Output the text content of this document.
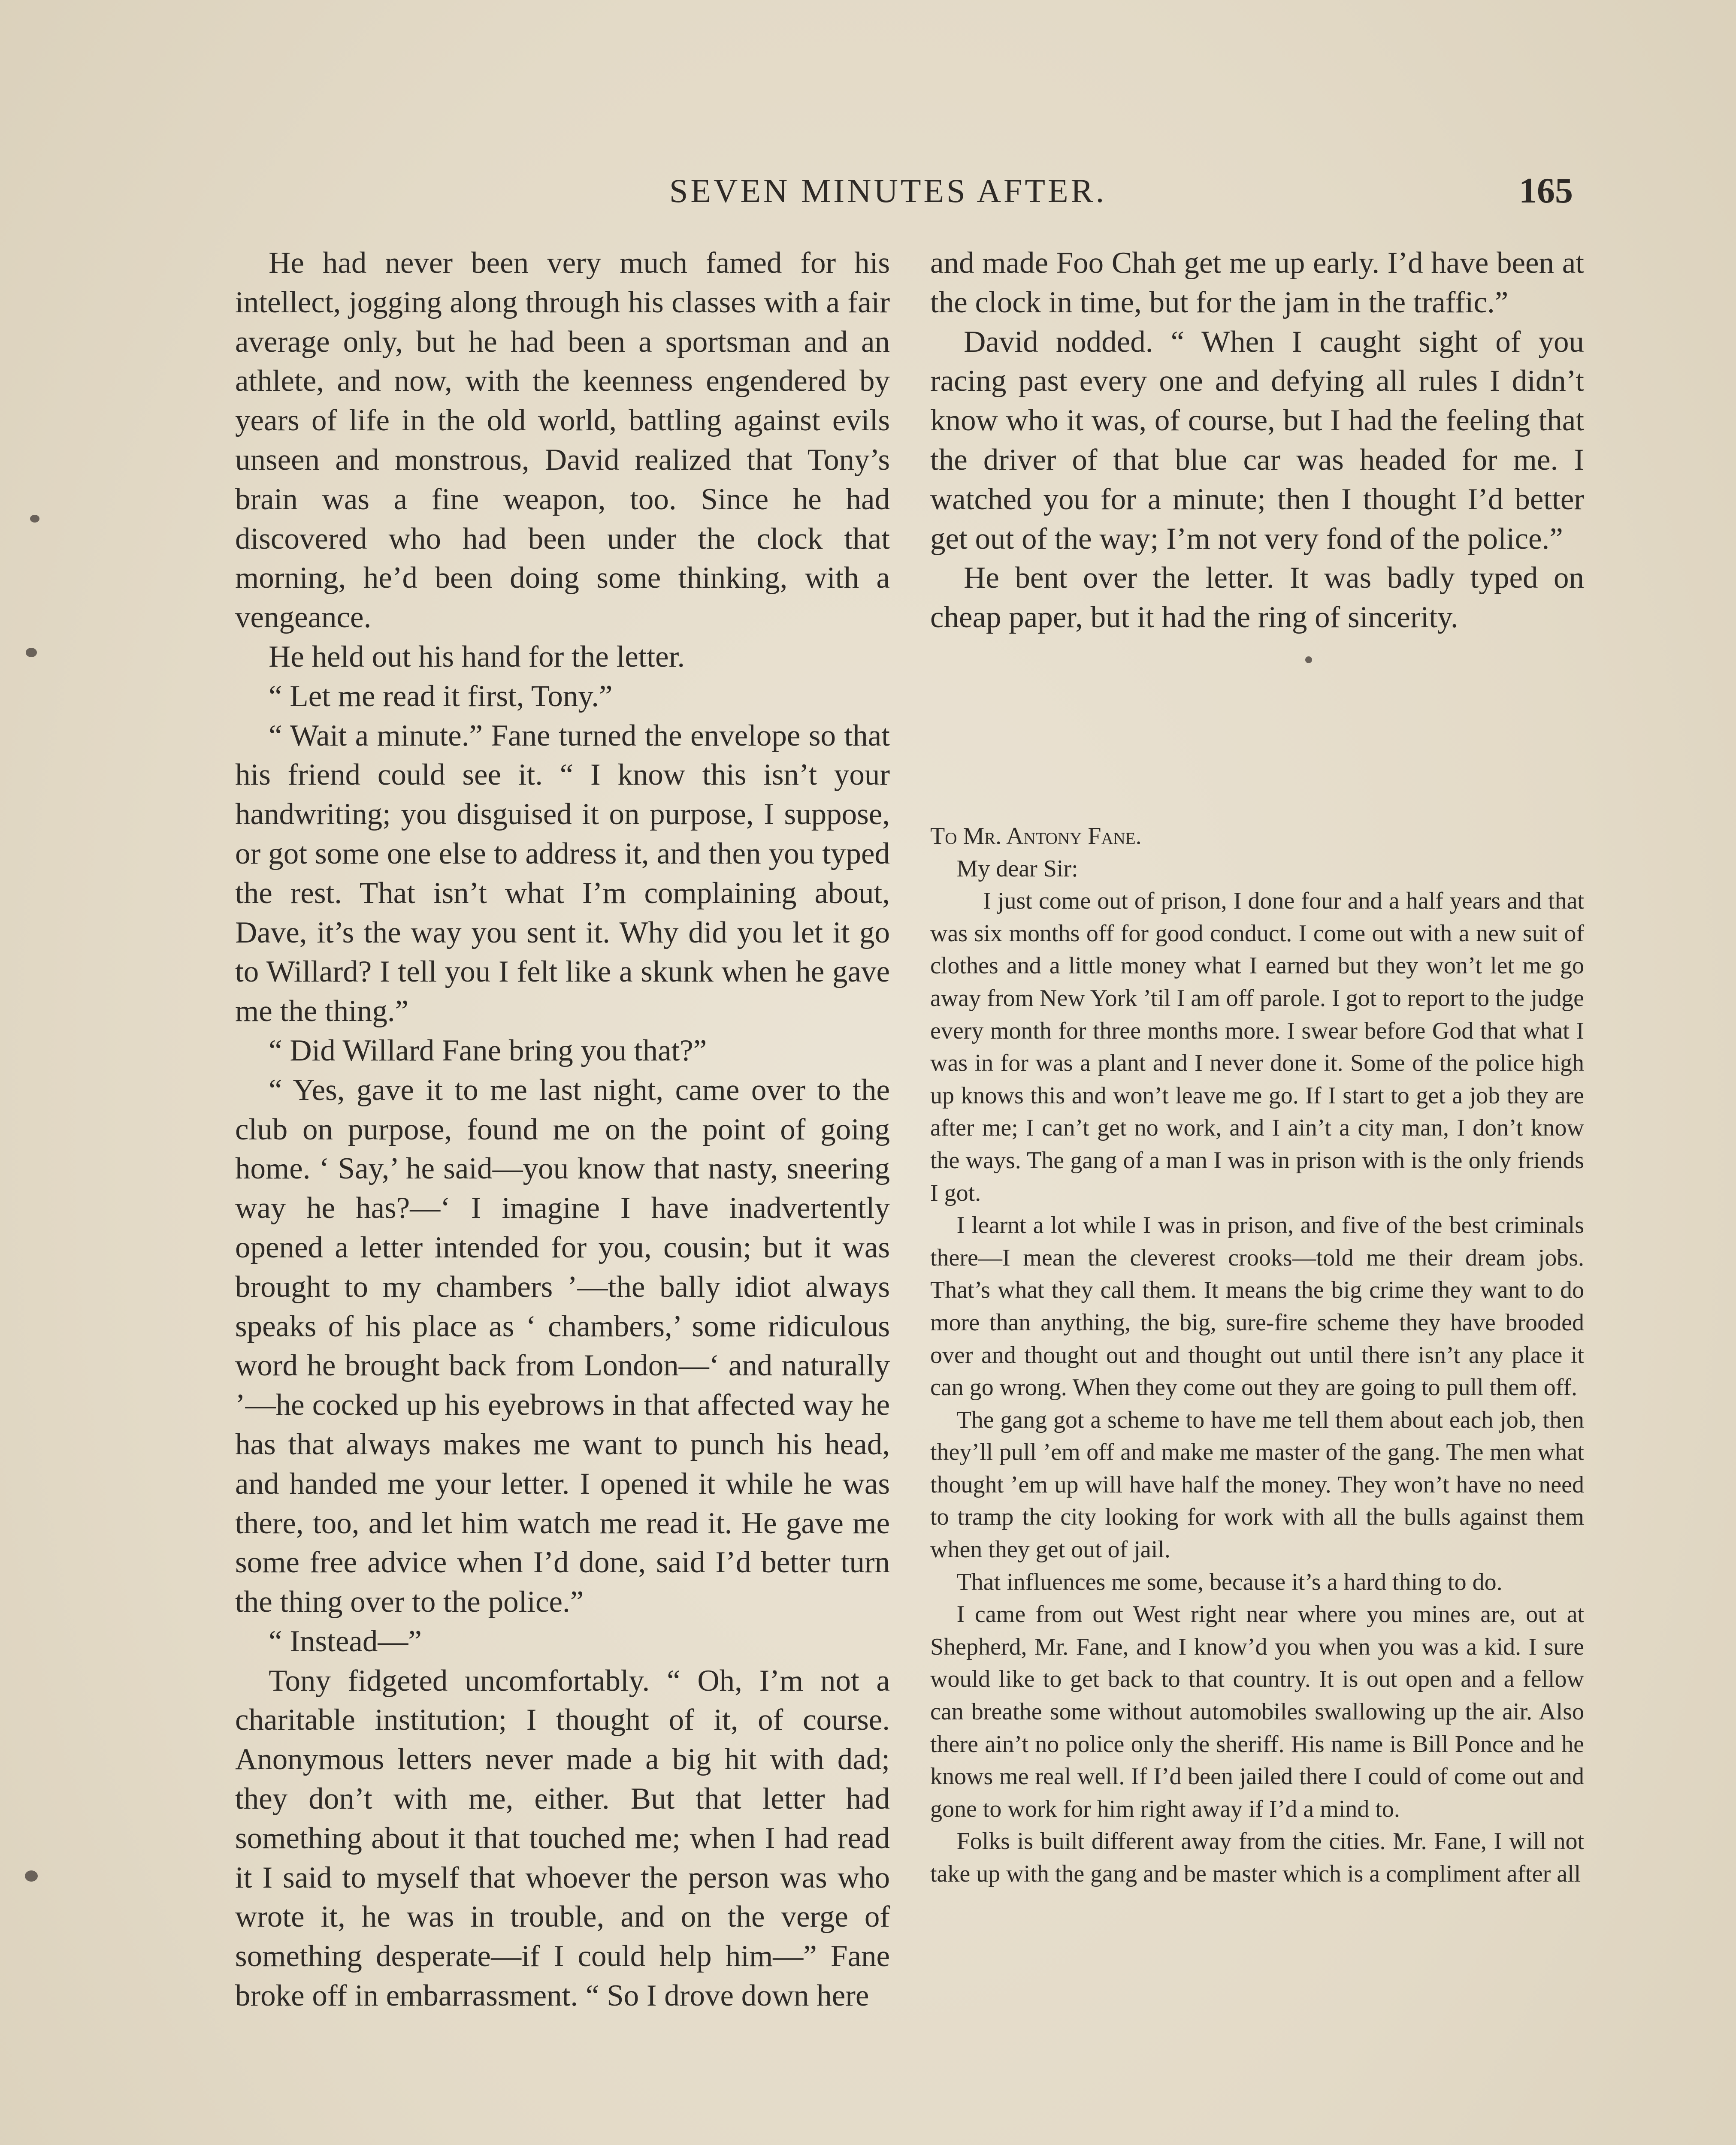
SEVEN MINUTES AFTER.	165

He had never been very much famed for his intellect, jogging along through his classes with a fair average only, but he had been a sportsman and an athlete, and now, with the keenness engendered by years of life in the old world, battling against evils unseen and monstrous, David realized that Tony’s brain was a fine weapon, too. Since he had discovered who had been under the clock that morning, he’d been doing some thinking, with a vengeance.

He held out his hand for the letter.

“ Let me read it first, Tony.”

“ Wait a minute.” Fane turned the envelope so that his friend could see it. “ I know this isn’t your handwriting; you disguised it on purpose, I suppose, or got some one else to address it, and then you typed the rest. That isn’t what I’m complaining about, Dave, it’s the way you sent it. Why did you let it go to Willard? I tell you I felt like a skunk when he gave me the thing.”

“ Did Willard Fane bring you that?”

“ Yes, gave it to me last night, came over to the club on purpose, found me on the point of going home. ‘ Say,’ he said—you know that nasty, sneering way he has?—‘ I imagine I have inadvertently opened a letter intended for you, cousin; but it was brought to my chambers ’—the bally idiot always speaks of his place as ‘ chambers,’ some ridiculous word he brought back from London—‘ and naturally ’—he cocked up his eyebrows in that affected way he has that always makes me want to punch his head, and handed me your letter. I opened it while he was there, too, and let him watch me read it. He gave me some free advice when I’d done, said I’d better turn the thing over to the police.”

“ Instead—”

Tony fidgeted uncomfortably. “ Oh, I’m not a charitable institution; I thought of it, of course. Anonymous letters never made a big hit with dad; they don’t with me, either. But that letter had something about it that touched me; when I had read it I said to myself that whoever the person was who wrote it, he was in trouble, and on the verge of something desperate—if I could help him—” Fane broke off in embarrassment. “ So I drove down here

and made Foo Chah get me up early. I’d have been at the clock in time, but for the jam in the traffic.”

David nodded. “ When I caught sight of you racing past every one and defying all rules I didn’t know who it was, of course, but I had the feeling that the driver of that blue car was headed for me. I watched you for a minute; then I thought I’d better get out of the way; I’m not very fond of the police.”

He bent over the letter. It was badly typed on cheap paper, but it had the ring of sincerity.

To Mr. Antony Fane.

My dear Sir:

I just come out of prison, I done four and a half years and that was six months off for good conduct. I come out with a new suit of clothes and a little money what I earned but they won’t let me go away from New York ’til I am off parole. I got to report to the judge every month for three months more. I swear before God that what I was in for was a plant and I never done it. Some of the police high up knows this and won’t leave me go. If I start to get a job they are after me; I can’t get no work, and I ain’t a city man, I don’t know the ways. The gang of a man I was in prison with is the only friends I got.

I learnt a lot while I was in prison, and five of the best criminals there—I mean the cleverest crooks—told me their dream jobs. That’s what they call them. It means the big crime they want to do more than anything, the big, sure-fire scheme they have brooded over and thought out and thought out until there isn’t any place it can go wrong. When they come out they are going to pull them off.

The gang got a scheme to have me tell them about each job, then they’ll pull ’em off and make me master of the gang. The men what thought ’em up will have half the money. They won’t have no need to tramp the city looking for work with all the bulls against them when they get out of jail.

That influences me some, because it’s a hard thing to do.

I came from out West right near where you mines are, out at Shepherd, Mr. Fane, and I know’d you when you was a kid. I sure would like to get back to that country. It is out open and a fellow can breathe some without automobiles swallowing up the air. Also there ain’t no police only the sheriff. His name is Bill Ponce and he knows me real well. If I’d been jailed there I could of come out and gone to work for him right away if I’d a mind to.

Folks is built different away from the cities. Mr. Fane, I will not take up with the gang and be master which is a compliment after all
